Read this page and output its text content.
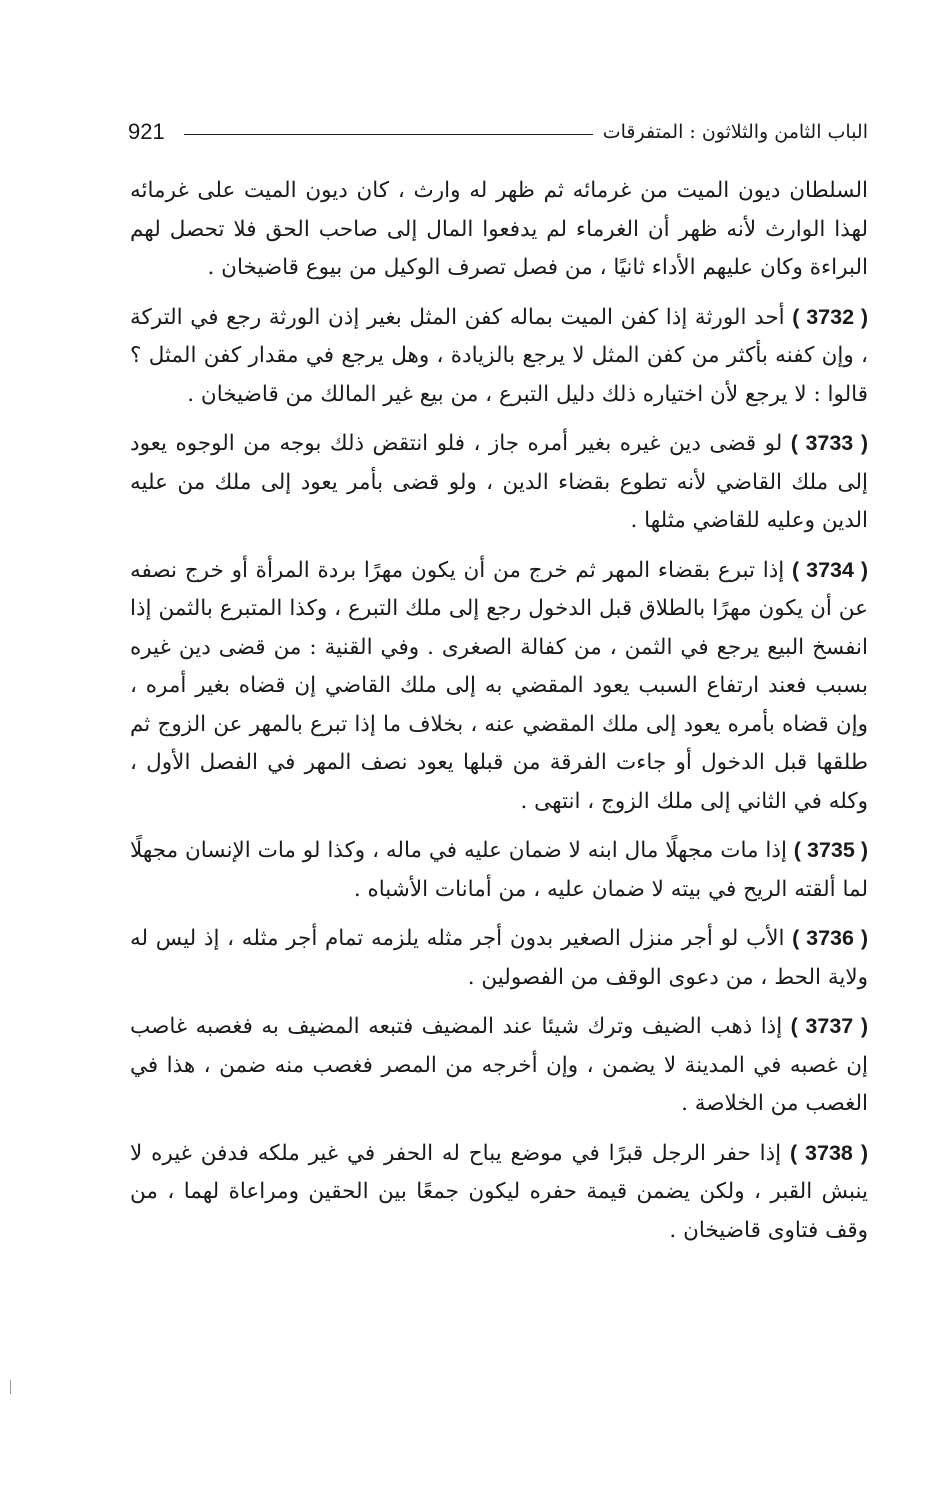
921	الباب الثامن والثلاثون : المتفرقات

السلطان ديون الميت من غرمائه ثم ظهر له وارث ، كان ديون الميت على غرمائه لهذا الوارث لأنه ظهر أن الغرماء لم يدفعوا المال إلى صاحب الحق فلا تحصل لهم البراءة وكان عليهم الأداء ثانيًا ، من فصل تصرف الوكيل من بيوع قاضيخان .

( 3732 ) أحد الورثة إذا كفن الميت بماله كفن المثل بغير إذن الورثة رجع في التركة ، وإن كفنه بأكثر من كفن المثل لا يرجع بالزيادة ، وهل يرجع في مقدار كفن المثل ؟ قالوا : لا يرجع لأن اختياره ذلك دليل التبرع ، من بيع غير المالك من قاضيخان .

( 3733 ) لو قضى دين غيره بغير أمره جاز ، فلو انتقض ذلك بوجه من الوجوه يعود إلى ملك القاضي لأنه تطوع بقضاء الدين ، ولو قضى بأمر يعود إلى ملك من عليه الدين وعليه للقاضي مثلها .

( 3734 ) إذا تبرع بقضاء المهر ثم خرج من أن يكون مهرًا بردة المرأة أو خرج نصفه عن أن يكون مهرًا بالطلاق قبل الدخول رجع إلى ملك التبرع ، وكذا المتبرع بالثمن إذا انفسخ البيع يرجع في الثمن ، من كفالة الصغرى . وفي القنية : من قضى دين غيره بسبب فعند ارتفاع السبب يعود المقضي به إلى ملك القاضي إن قضاه بغير أمره ، وإن قضاه بأمره يعود إلى ملك المقضي عنه ، بخلاف ما إذا تبرع بالمهر عن الزوج ثم طلقها قبل الدخول أو جاءت الفرقة من قبلها يعود نصف المهر في الفصل الأول ، وكله في الثاني إلى ملك الزوج ، انتهى .

( 3735 ) إذا مات مجهلًا مال ابنه لا ضمان عليه في ماله ، وكذا لو مات الإنسان مجهلًا لما ألقته الريح في بيته لا ضمان عليه ، من أمانات الأشباه .

( 3736 ) الأب لو أجر منزل الصغير بدون أجر مثله يلزمه تمام أجر مثله ، إذ ليس له ولاية الحط ، من دعوى الوقف من الفصولين .

( 3737 ) إذا ذهب الضيف وترك شيئا عند المضيف فتبعه المضيف به فغصبه غاصب إن غصبه في المدينة لا يضمن ، وإن أخرجه من المصر فغصب منه ضمن ، هذا في الغصب من الخلاصة .

( 3738 ) إذا حفر الرجل قبرًا في موضع يباح له الحفر في غير ملكه فدفن غيره لا ينبش القبر ، ولكن يضمن قيمة حفره ليكون جمعًا بين الحقين ومراعاة لهما ، من وقف فتاوى قاضيخان .
